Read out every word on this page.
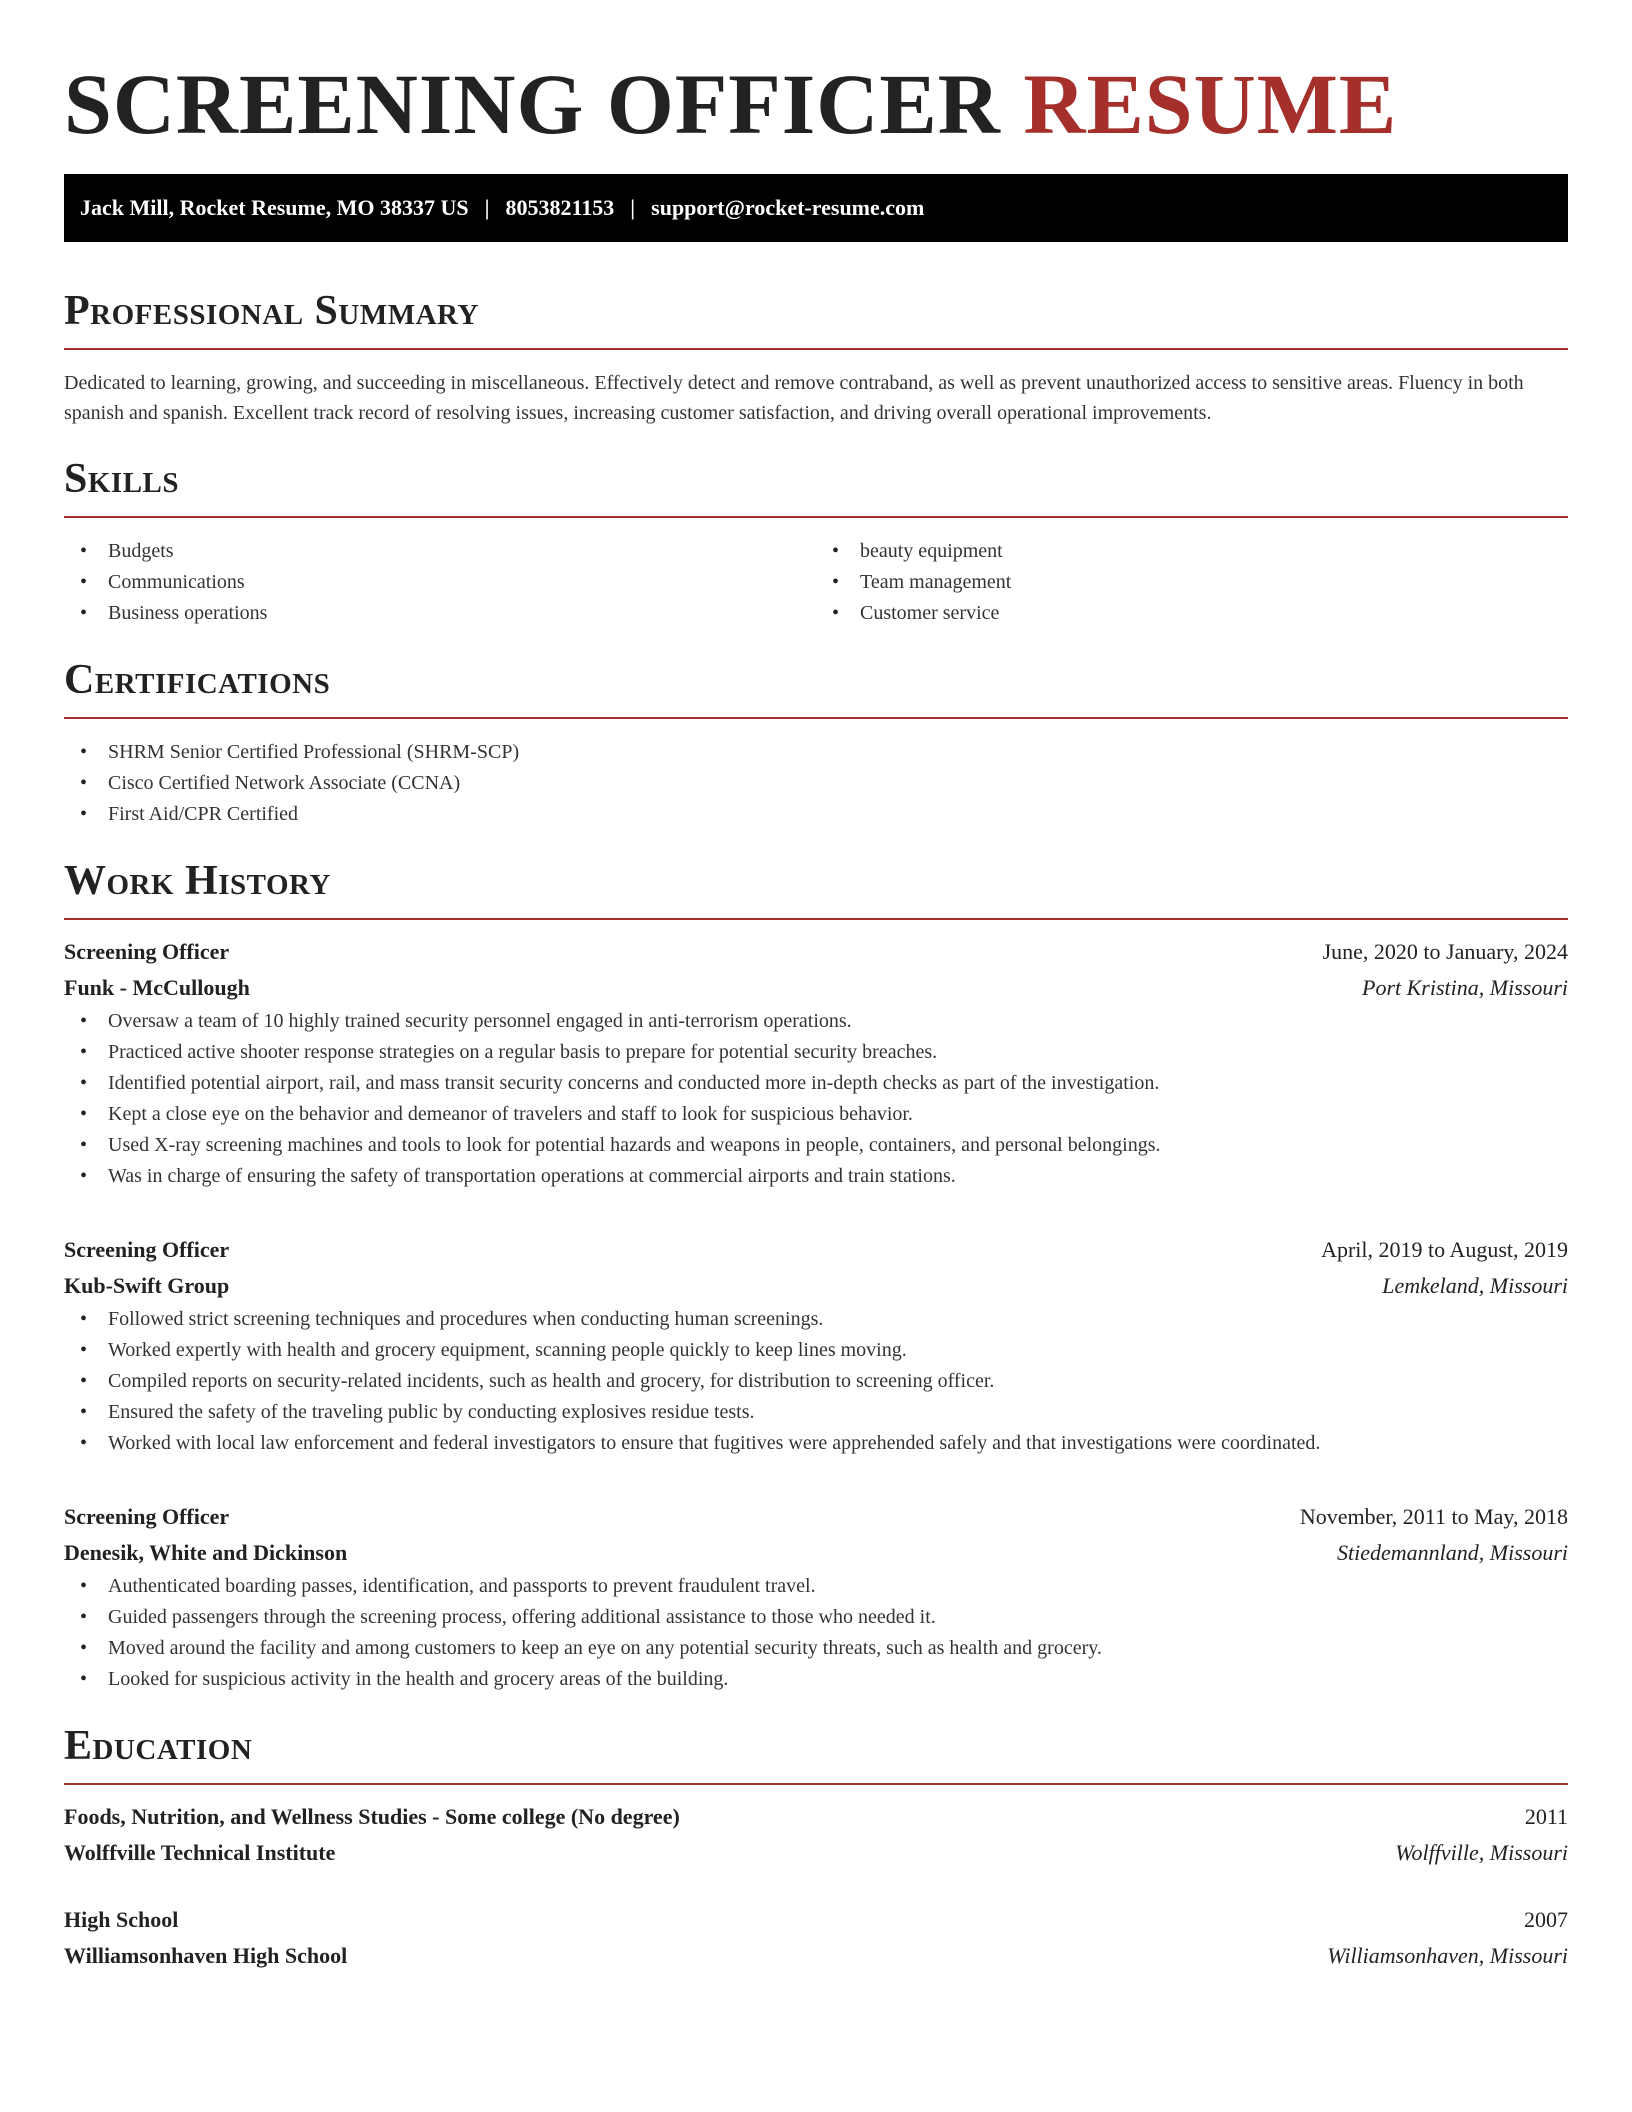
SCREENING OFFICER RESUME
Jack Mill, Rocket Resume, MO 38337 US | 8053821153 | support@rocket-resume.com
Professional Summary

Dedicated to learning, growing, and succeeding in miscellaneous. Effectively detect and remove contraband, as well as prevent unauthorized access to sensitive areas. Fluency in both spanish and spanish. Excellent track record of resolving issues, increasing customer satisfaction, and driving overall operational improvements.

Skills
• Budgets
• Communications
• Business operations
• beauty equipment
• Team management
• Customer service
Certifications
• SHRM Senior Certified Professional (SHRM-SCP)
• Cisco Certified Network Associate (CCNA)
• First Aid/CPR Certified
Work History
Screening Officer	June, 2020 to January, 2024
Funk - McCullough	Port Kristina, Missouri
• Oversaw a team of 10 highly trained security personnel engaged in anti-terrorism operations.
• Practiced active shooter response strategies on a regular basis to prepare for potential security breaches.
• Identified potential airport, rail, and mass transit security concerns and conducted more in-depth checks as part of the investigation.
• Kept a close eye on the behavior and demeanor of travelers and staff to look for suspicious behavior.
• Used X-ray screening machines and tools to look for potential hazards and weapons in people, containers, and personal belongings.
• Was in charge of ensuring the safety of transportation operations at commercial airports and train stations.
Screening Officer	April, 2019 to August, 2019
Kub-Swift Group	Lemkeland, Missouri
• Followed strict screening techniques and procedures when conducting human screenings.
• Worked expertly with health and grocery equipment, scanning people quickly to keep lines moving.
• Compiled reports on security-related incidents, such as health and grocery, for distribution to screening officer.
• Ensured the safety of the traveling public by conducting explosives residue tests.
• Worked with local law enforcement and federal investigators to ensure that fugitives were apprehended safely and that investigations were coordinated.
Screening Officer	November, 2011 to May, 2018
Denesik, White and Dickinson	Stiedemannland, Missouri
• Authenticated boarding passes, identification, and passports to prevent fraudulent travel.
• Guided passengers through the screening process, offering additional assistance to those who needed it.
• Moved around the facility and among customers to keep an eye on any potential security threats, such as health and grocery.
• Looked for suspicious activity in the health and grocery areas of the building.
Education
Foods, Nutrition, and Wellness Studies - Some college (No degree)	2011
Wolffville Technical Institute	Wolffville, Missouri
High School	2007
Williamsonhaven High School	Williamsonhaven, Missouri
